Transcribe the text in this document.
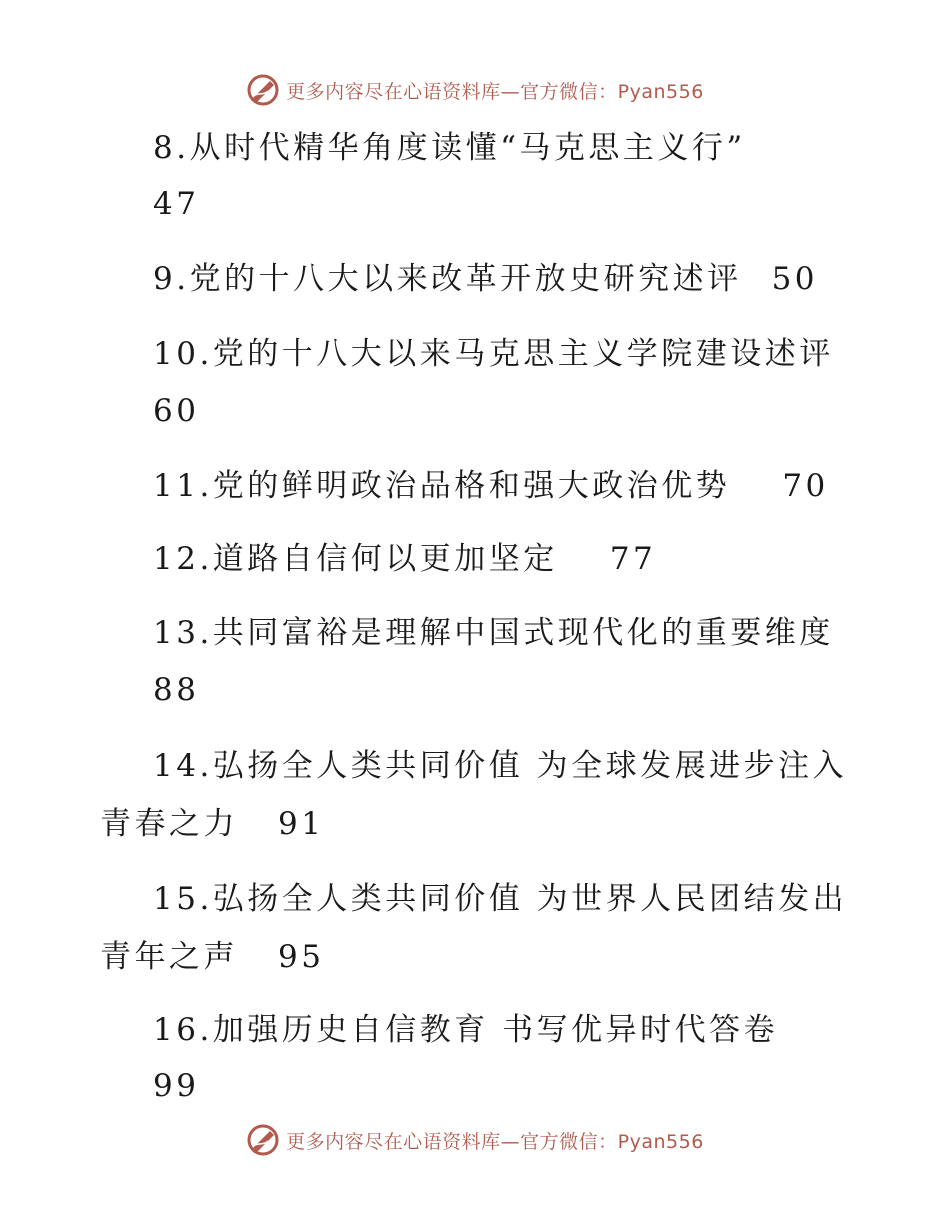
更多内容尽在心语资料库—官方微信：Pyan556
8.从时代精华角度读懂“马克思主义行”
47
9.党的十八大以来改革开放史研究述评 50
10.党的十八大以来马克思主义学院建设述评
60
11.党的鲜明政治品格和强大政治优势 70
12.道路自信何以更加坚定 77
13.共同富裕是理解中国式现代化的重要维度
88
14.弘扬全人类共同价值 为全球发展进步注入
青春之力 91
15.弘扬全人类共同价值 为世界人民团结发出
青年之声 95
16.加强历史自信教育 书写优异时代答卷
99
更多内容尽在心语资料库—官方微信：Pyan556
